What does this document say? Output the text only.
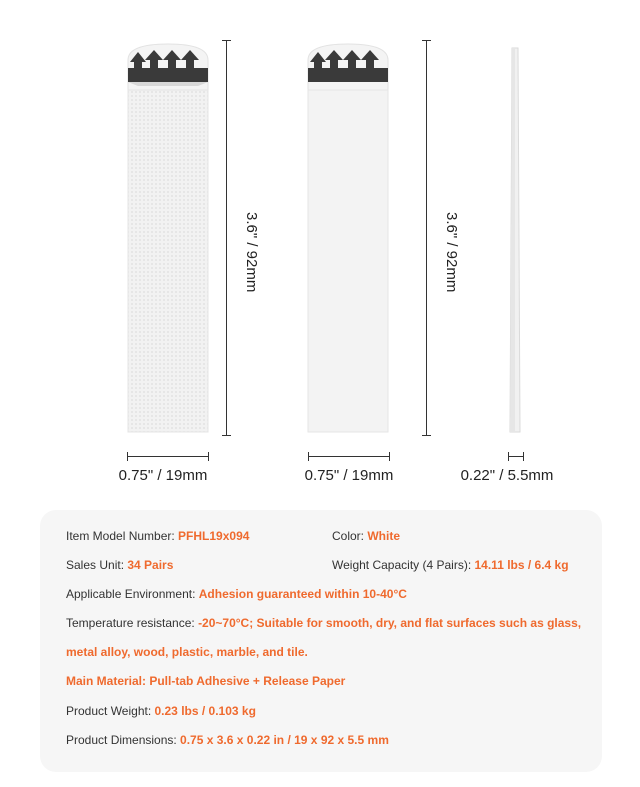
3.6" / 92mm	3.6" / 92mm
0.75" / 19mm	0.75" / 19mm	0.22" / 5.5mm
Item Model Number: PFHL19x094	Color: White
Sales Unit: 34 Pairs	Weight Capacity (4 Pairs): 14.11 lbs / 6.4 kg
Applicable Environment: Adhesion guaranteed within 10-40°C
Temperature resistance: -20~70°C; Suitable for smooth, dry, and flat surfaces such as glass,
metal alloy, wood, plastic, marble, and tile.
Main Material: Pull-tab Adhesive + Release Paper
Product Weight: 0.23 lbs / 0.103 kg
Product Dimensions: 0.75 x 3.6 x 0.22 in / 19 x 92 x 5.5 mm
